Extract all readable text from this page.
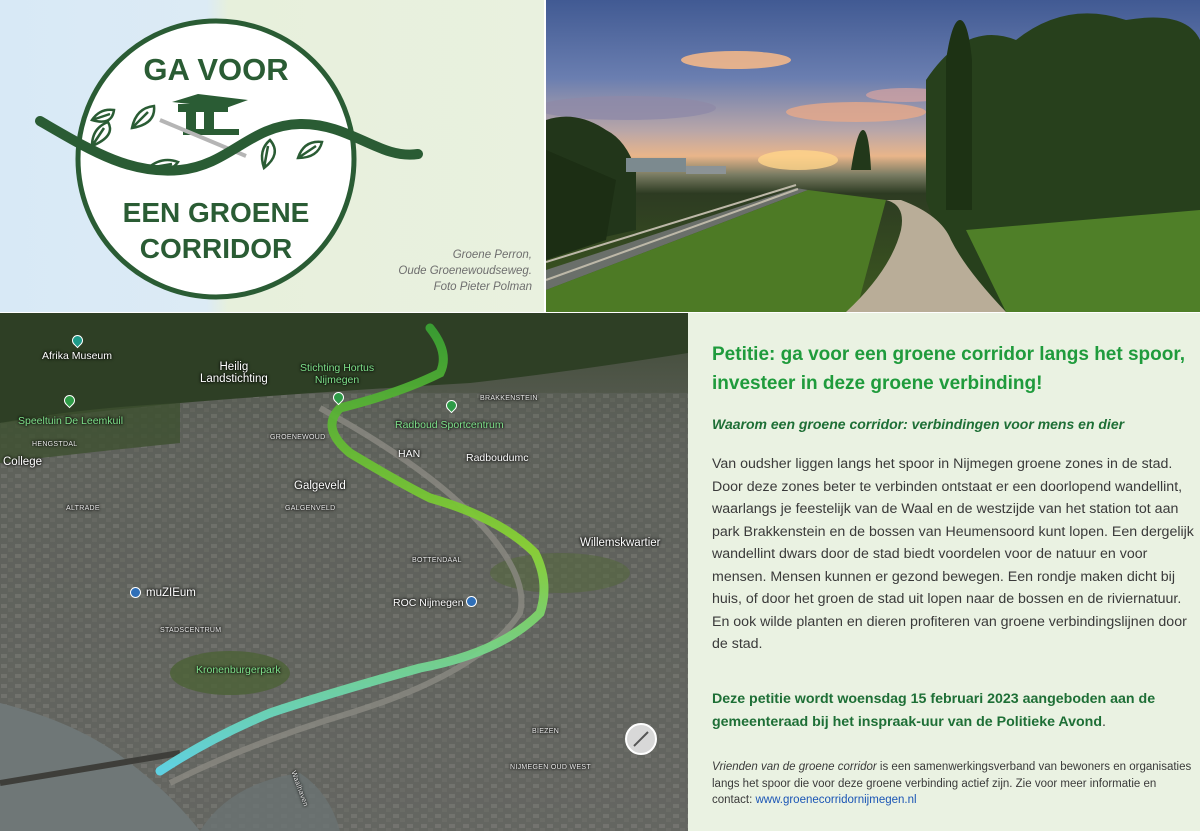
GA VOOR
EEN GROENE
CORRIDOR	Groene Perron,
Oude Groenewoudseweg.
Foto Pieter Polman
Afrika Museum
Heilig
Landstichting
Stichting Hortus
Nijmegen
Speeltuin De Leemkuil
HENGSTDAL
College
GROENEWOUD
Radboud Sportcentrum
BRAKKENSTEIN
HAN	Radboudumc
Galgeveld
GALGENVELD
ALTRADE
Willemskwartier
BOTTENDAAL
muZIEum
ROC Nijmegen
STADSCENTRUM
Kronenburgerpark
BIEZEN
NIJMEGEN OUD WEST
Waalhaven
Petitie: ga voor een groene corridor langs het spoor, investeer in deze groene verbinding!

Waarom een groene corridor: verbindingen voor mens en dier

Van oudsher liggen langs het spoor in Nijmegen groene zones in de stad. Door deze zones beter te verbinden ontstaat er een doorlopend wandellint, waarlangs je feestelijk van de Waal en de westzijde van het station tot aan park Brakkenstein en de bossen van Heumensoord kunt lopen. Een dergelijk wandellint dwars door de stad biedt voordelen voor de natuur en voor mensen. Mensen kunnen er gezond bewegen. Een rondje maken dicht bij huis, of door het groen de stad uit lopen naar de bossen en de riviernatuur. En ook wilde planten en dieren profiteren van groene verbindingslijnen door de stad.

Deze petitie wordt woensdag 15 februari 2023 aangeboden aan de gemeenteraad bij het inspraak-uur van de Politieke Avond.

Vrienden van de groene corridor is een samenwerkingsverband van bewoners en organisaties langs het spoor die voor deze groene verbinding actief zijn. Zie voor meer informatie en contact: www.groenecorridornijmegen.nl
